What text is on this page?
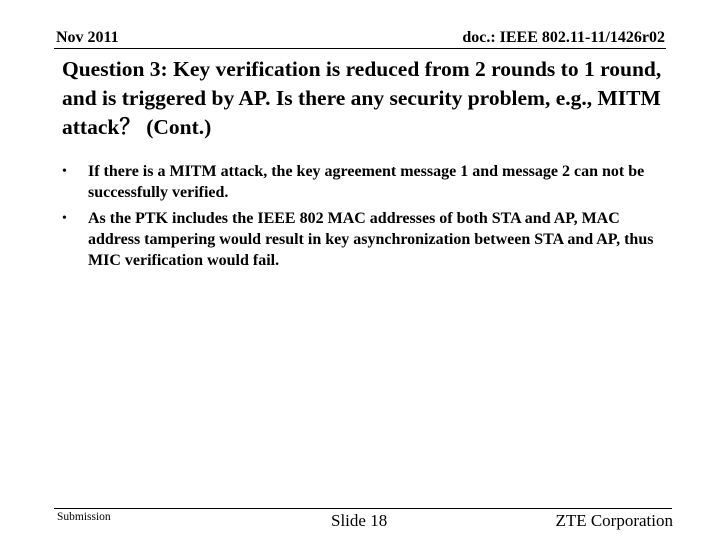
Nov 2011	doc.: IEEE 802.11-11/1426r02
Question 3: Key verification is reduced from 2 rounds to 1 round, and is triggered by AP. Is there any security problem, e.g., MITM attack？ (Cont.)
• If there is a MITM attack, the key agreement message 1 and message 2 can not be successfully verified.
• As the PTK includes the IEEE 802 MAC addresses of both STA and AP, MAC address tampering would result in key asynchronization between STA and AP, thus MIC verification would fail.
Submission	Slide 18	ZTE Corporation
